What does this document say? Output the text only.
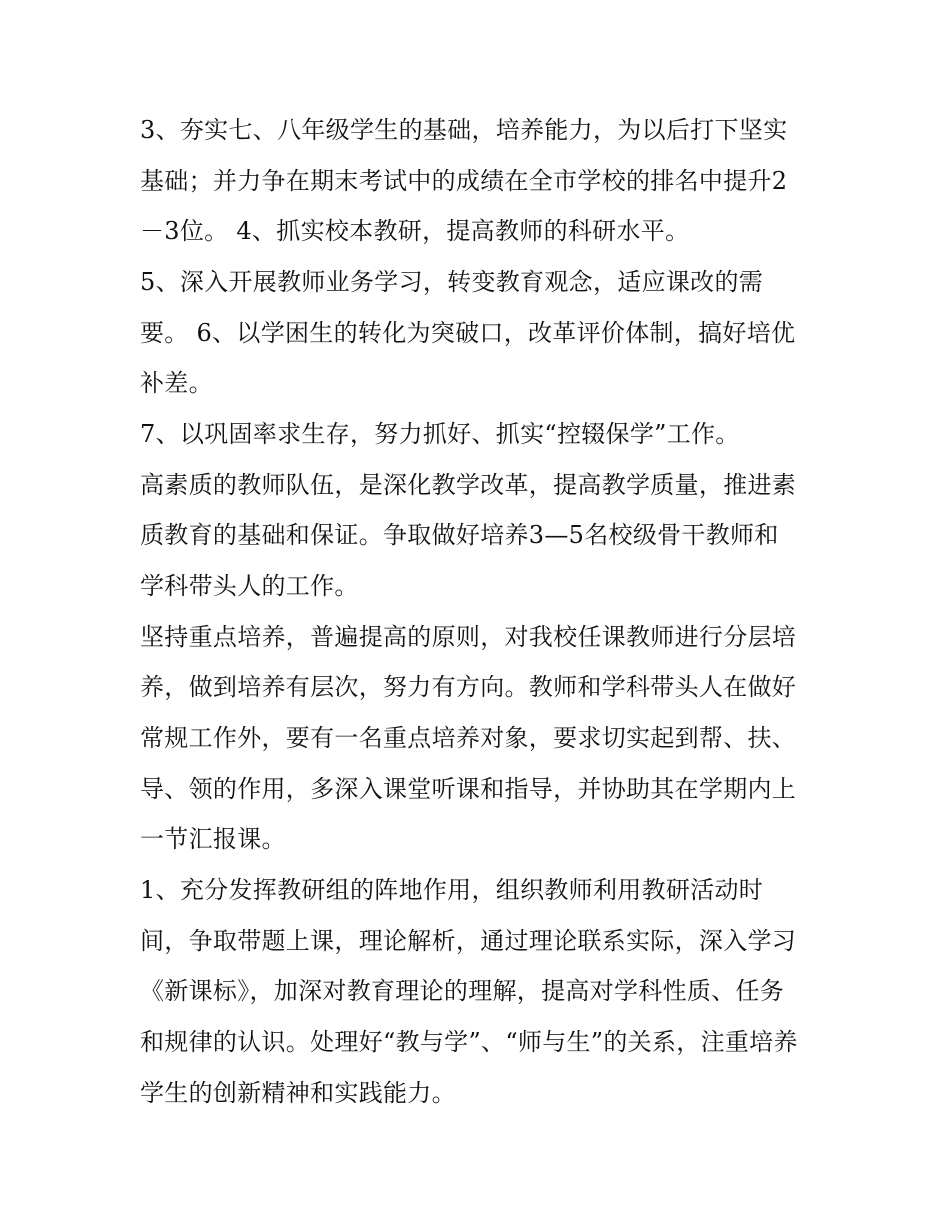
3、夯实七、八年级学生的基础，培养能力，为以后打下坚实
基础；并力争在期末考试中的成绩在全市学校的排名中提升2
－3位。 4、抓实校本教研，提高教师的科研水平。
5、深入开展教师业务学习，转变教育观念，适应课改的需
要。 6、以学困生的转化为突破口，改革评价体制，搞好培优
补差。
7、以巩固率求生存，努力抓好、抓实“控辍保学”工作。
高素质的教师队伍，是深化教学改革，提高教学质量，推进素
质教育的基础和保证。争取做好培养3—5名校级骨干教师和
学科带头人的工作。
坚持重点培养，普遍提高的原则，对我校任课教师进行分层培
养，做到培养有层次，努力有方向。教师和学科带头人在做好
常规工作外，要有一名重点培养对象，要求切实起到帮、扶、
导、领的作用，多深入课堂听课和指导，并协助其在学期内上
一节汇报课。
1、充分发挥教研组的阵地作用，组织教师利用教研活动时
间，争取带题上课，理论解析，通过理论联系实际，深入学习
《新课标》，加深对教育理论的理解，提高对学科性质、任务
和规律的认识。处理好“教与学”、“师与生”的关系，注重培养
学生的创新精神和实践能力。
